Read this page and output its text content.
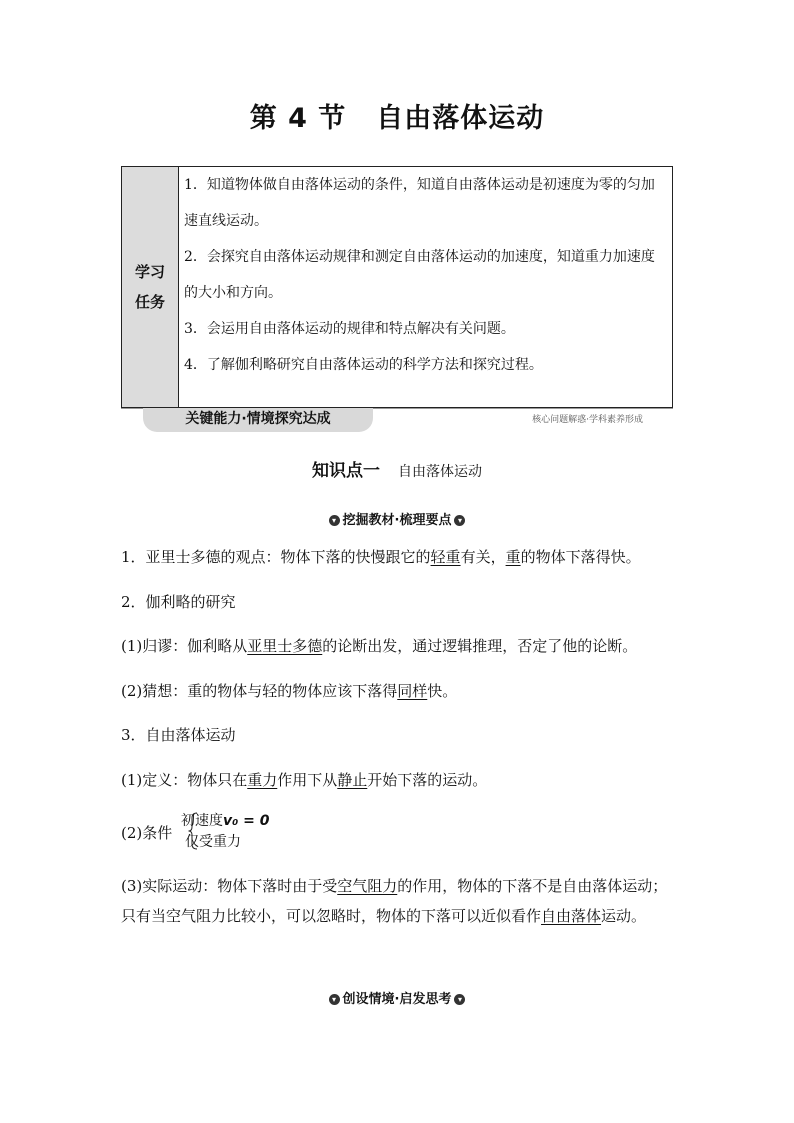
第 4 节 自由落体运动
学习
任务

1．知道物体做自由落体运动的条件，知道自由落体运动是初速度为零的匀加速直线运动。

2．会探究自由落体运动规律和测定自由落体运动的加速度，知道重力加速度的大小和方向。

3．会运用自由落体运动的规律和特点解决有关问题。

4．了解伽利略研究自由落体运动的科学方法和探究过程。

关键能力·情境探究达成	核心问题解惑·学科素养形成
知识点一 自由落体运动
▾ 挖掘教材·梳理要点 ▾
1．亚里士多德的观点：物体下落的快慢跟它的轻重有关，重的物体下落得快。
2．伽利略的研究
(1)归谬：伽利略从亚里士多德的论断出发，通过逻辑推理，否定了他的论断。
(2)猜想：重的物体与轻的物体应该下落得同样快。
3．自由落体运动
(1)定义：物体只在重力作用下从静止开始下落的运动。
(2)条件
初速度v₀ = 0
仅受重力
(3)实际运动：物体下落时由于受空气阻力的作用，物体的下落不是自由落体运动；只有当空气阻力比较小，可以忽略时，物体的下落可以近似看作自由落体运动。
▾ 创设情境·启发思考 ▾
